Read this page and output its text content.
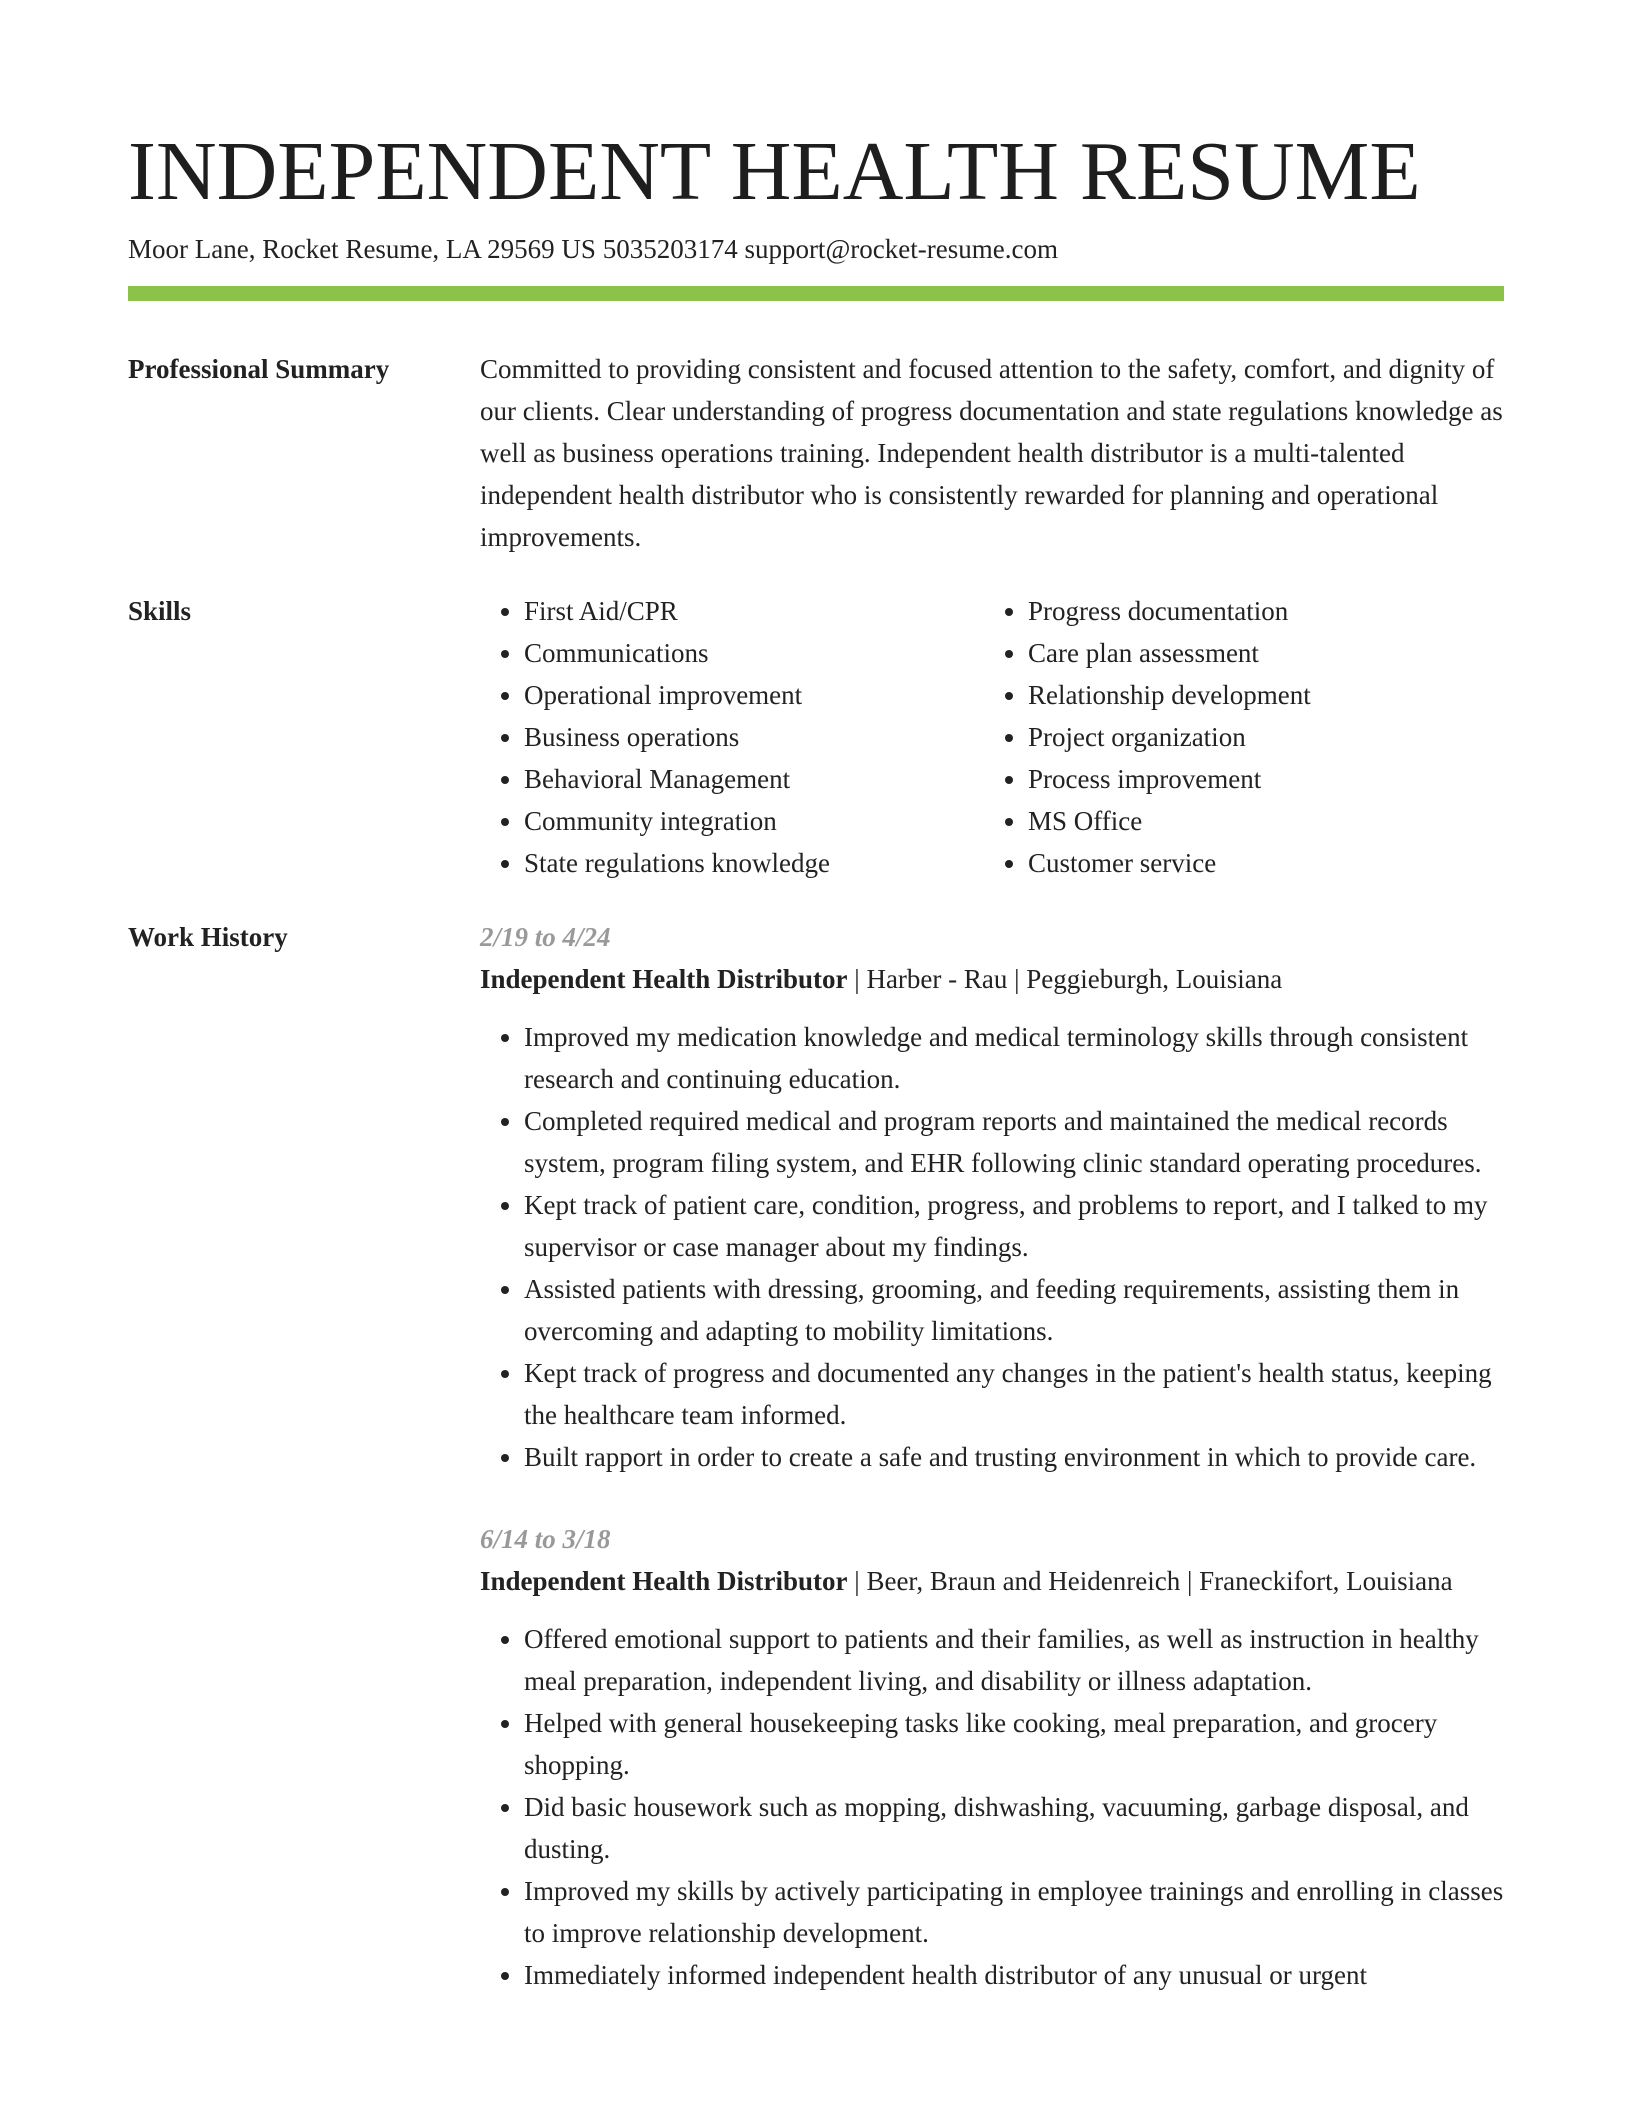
INDEPENDENT HEALTH RESUME
Moor Lane, Rocket Resume, LA 29569 US 5035203174 support@rocket-resume.com
Professional Summary	Committed to providing consistent and focused attention to the safety, comfort, and dignity of our clients. Clear understanding of progress documentation and state regulations knowledge as well as business operations training. Independent health distributor is a multi-talented independent health distributor who is consistently rewarded for planning and operational improvements.

Skills
•	First Aid/CPR
• Communications
• Operational improvement
• Business operations
• Behavioral Management
• Community integration
• State regulations knowledge
• Progress documentation
• Care plan assessment
• Relationship development
• Project organization
• Process improvement
• MS Office
• Customer service
Work History	2/19 to 4/24
Independent Health Distributor | Harber - Rau | Peggieburgh, Louisiana
• Improved my medication knowledge and medical terminology skills through consistent research and continuing education.
• Completed required medical and program reports and maintained the medical records system, program filing system, and EHR following clinic standard operating procedures.
• Kept track of patient care, condition, progress, and problems to report, and I talked to my supervisor or case manager about my findings.
• Assisted patients with dressing, grooming, and feeding requirements, assisting them in overcoming and adapting to mobility limitations.
• Kept track of progress and documented any changes in the patient's health status, keeping the healthcare team informed.
• Built rapport in order to create a safe and trusting environment in which to provide care.
6/14 to 3/18
Independent Health Distributor | Beer, Braun and Heidenreich | Franeckifort, Louisiana
• Offered emotional support to patients and their families, as well as instruction in healthy meal preparation, independent living, and disability or illness adaptation.
• Helped with general housekeeping tasks like cooking, meal preparation, and grocery shopping.
• Did basic housework such as mopping, dishwashing, vacuuming, garbage disposal, and dusting.
• Improved my skills by actively participating in employee trainings and enrolling in classes to improve relationship development.
• Immediately informed independent health distributor of any unusual or urgent
